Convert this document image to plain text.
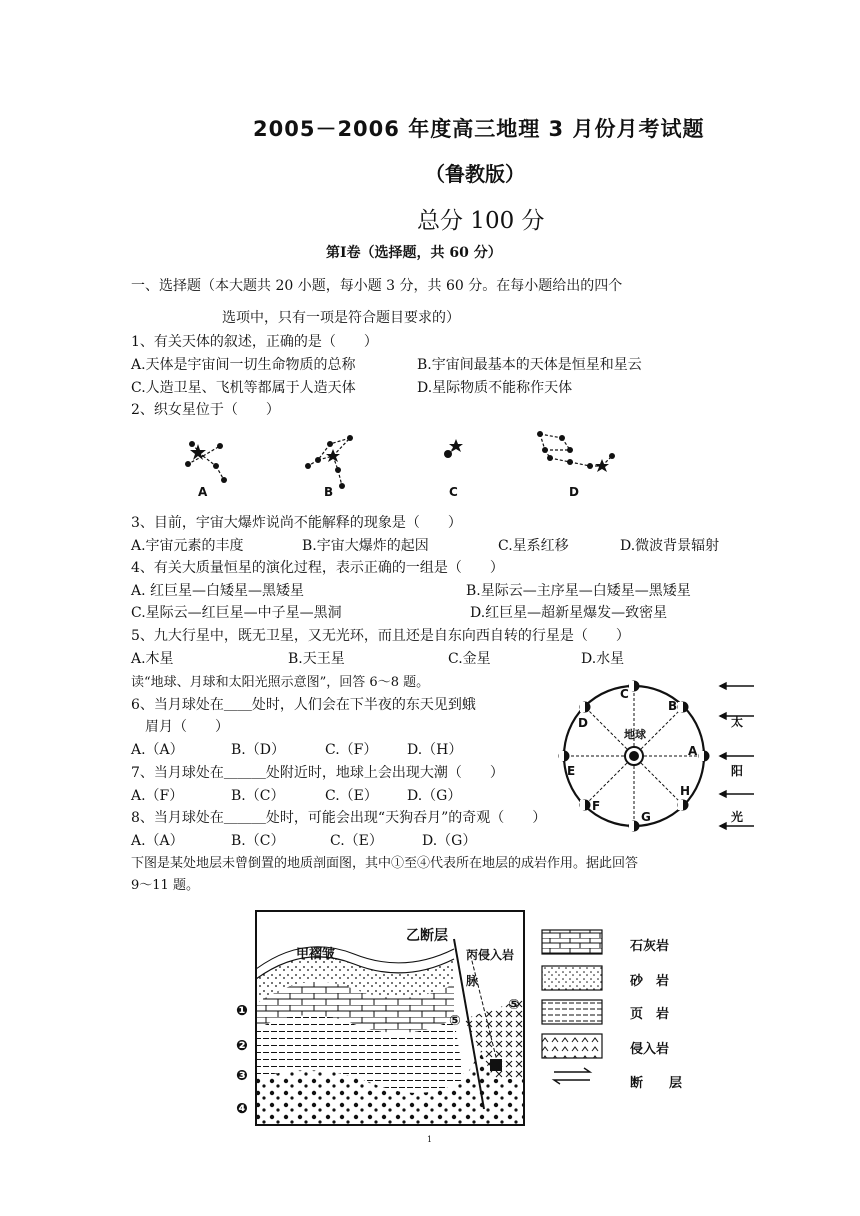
2005－2006 年度高三地理 3 月份月考试题
（鲁教版）
总分 100 分
第Ⅰ卷（选择题，共 60 分）
一、选择题（本大题共 20 小题，每小题 3 分，共 60 分。在每小题给出的四个
选项中，只有一项是符合题目要求的）
1、有关天体的叙述，正确的是（　　）
A.天体是宇宙间一切生命物质的总称	B.宇宙间最基本的天体是恒星和星云
C.人造卫星、飞机等都属于人造天体	D.星际物质不能称作天体
2、织女星位于（　　）
A	B	C	D
3、目前，宇宙大爆炸说尚不能解释的现象是（　　）
A.宇宙元素的丰度	B.宇宙大爆炸的起因	C.星系红移	D.微波背景辐射
4、有关大质量恒星的演化过程，表示正确的一组是（　　）
A. 红巨星—白矮星—黑矮星	B.星际云—主序星—白矮星—黑矮星
C.星际云—红巨星—中子星—黑洞	D.红巨星—超新星爆发—致密星
5、九大行星中，既无卫星，又无光环，而且还是自东向西自转的行星是（　　）
A.木星	B.天王星	C.金星	D.水星
读“地球、月球和太阳光照示意图”，回答 6～8 题。
6、当月球处在＿＿处时，人们会在下半夜的东天见到蛾
眉月（　　）
A.（A）	B.（D）	C.（F） D.（H）
7、当月球处在＿＿＿处附近时，地球上会出现大潮（　　）
A.（F）	B.（C）	C.（E） D.（G）
8、当月球处在＿＿＿处时，可能会出现“天狗吞月”的奇观（　　）
A.（A）	B.（C）	C.（E）	D.（G）
A
B
C
D
E
F
G
H
地球
太
阳
光
下图是某处地层未曾倒置的地质剖面图，其中①至④代表所在地层的成岩作用。据此回答
9～11 题。
甲褶皱
乙断层
丙侵入岩
脉
⑤
⑤
❶
❷
❸
❹
石灰岩
砂　岩
页　岩
侵入岩
断　　层
1
